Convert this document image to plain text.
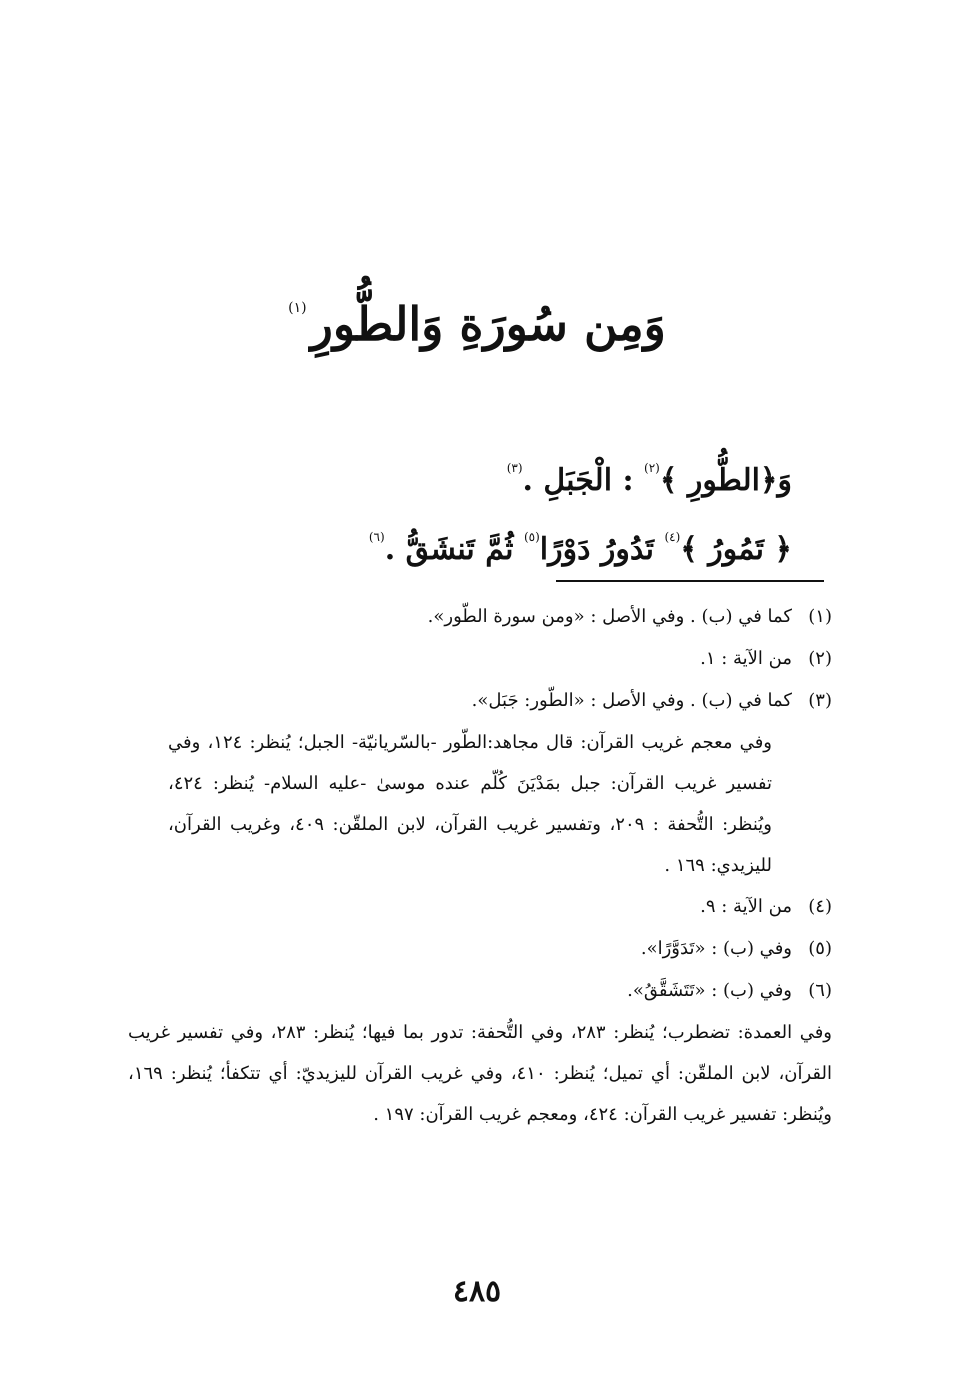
وَمِن سُورَةِ وَالطُّورِ$^{(١)}$

وَ﴿الطُّورِ ﴾$^{(٢)}$ : الْجَبَلِ .$^{(٣)}$

﴿ تَمُورُ ﴾$^{(٤)}$ تَدُورُ دَوْرًا$^{(٥)}$ ثُمَّ تَنشَقُّ .$^{(٦)}$

(١)كما في (ب) . وفي الأصل : «ومن سورة الطّور».

(٢)من الآية : ١.

(٣)كما في (ب) . وفي الأصل : «الطّور: جَبَل».

وفي معجم غريب القرآن: قال مجاهد:الطّور -بالسّريانيّة- الجبل؛ يُنظر: ١٢٤، وفي تفسير غريب القرآن: جبل بمَدْيَنَ كُلّم عنده موسىٰ -عليه السلام- يُنظر: ٤٢٤، ويُنظر: التُّحفة : ٢٠٩، وتفسير غريب القرآن، لابن الملقّن: ٤٠٩، وغريب القرآن، لليزيدي: ١٦٩ .

(٤)من الآية : ٩.

(٥)وفي (ب) : «تَدَوَّرًا».

(٦)وفي (ب) : «تَتَشَقَّقُ».

وفي العمدة: تضطرب؛ يُنظر: ٢٨٣، وفي التُّحفة: تدور بما فيها؛ يُنظر: ٢٨٣، وفي تفسير غريب القرآن، لابن الملقّن: أي تميل؛ يُنظر: ٤١٠، وفي غريب القرآن لليزيديّ: أي تتكفأ؛ يُنظر: ١٦٩، ويُنظر: تفسير غريب القرآن: ٤٢٤، ومعجم غريب القرآن: ١٩٧ .

٤٨٥
